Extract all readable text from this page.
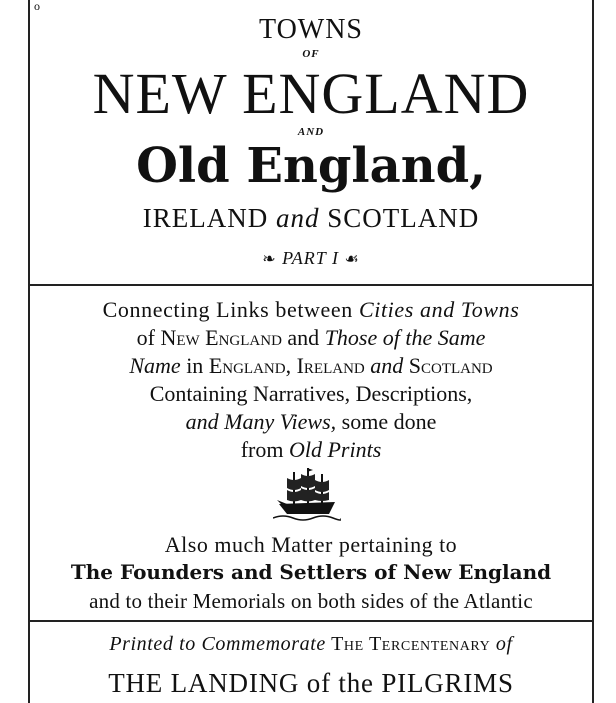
o
TOWNS
OF
NEW ENGLAND
AND
Old England,
IRELAND and SCOTLAND
❧ PART I ☙
Connecting Links between Cities and Towns
of New England and Those of the Same
Name in England, Ireland and Scotland
Containing Narratives, Descriptions,
and Many Views, some done
from Old Prints
Also much Matter pertaining to
The Founders and Settlers of New England
and to their Memorials on both sides of the Atlantic
Printed to Commemorate The Tercentenary of
THE LANDING of the PILGRIMS
